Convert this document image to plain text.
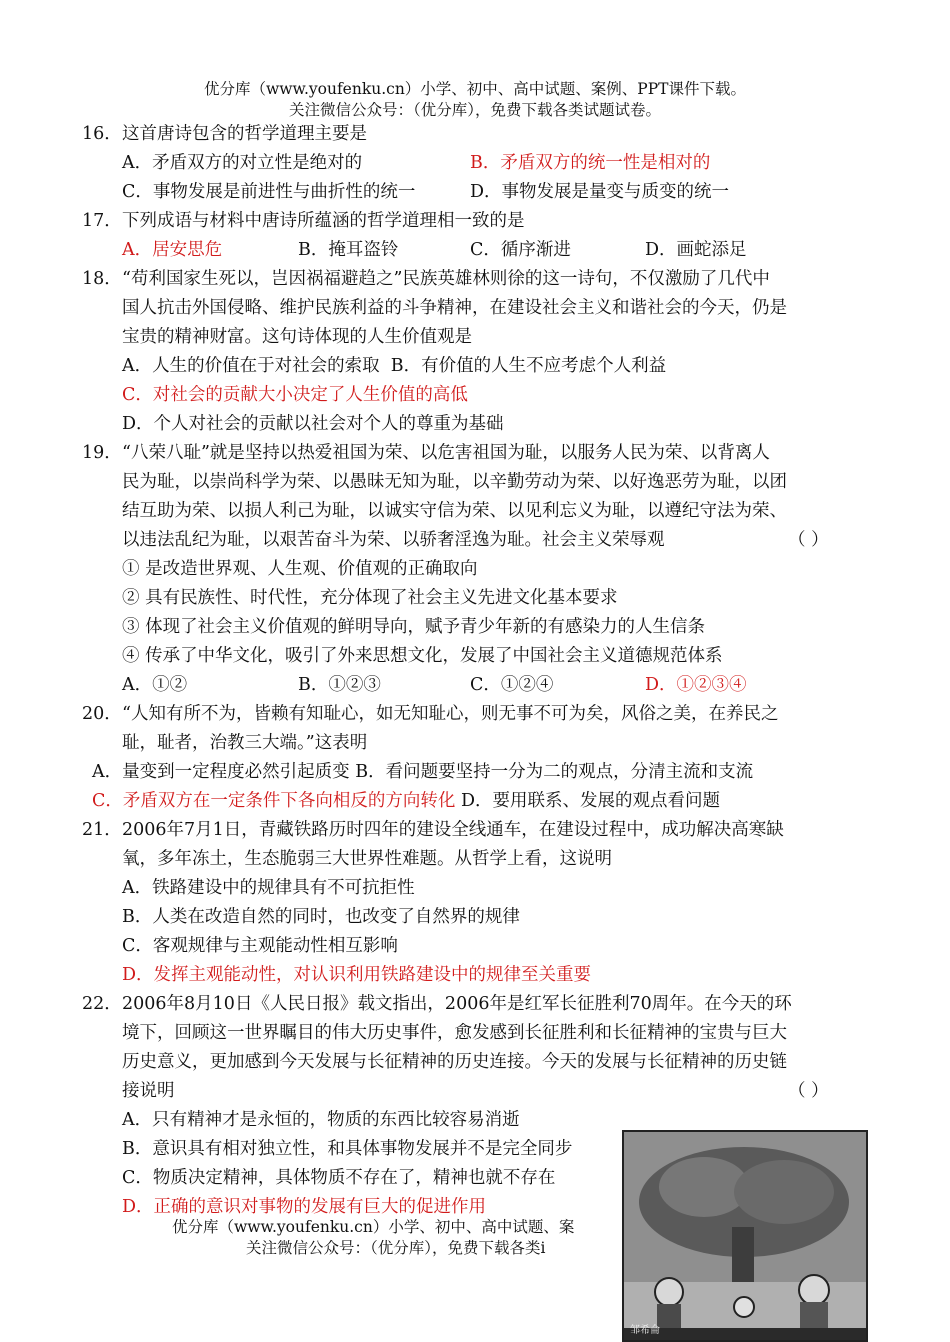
优分库（www.youfenku.cn）小学、初中、高中试题、案例、PPT课件下载。
关注微信公众号：（优分库），免费下载各类试题试卷。
16．这首唐诗包含的哲学道理主要是
A．矛盾双方的对立性是绝对的	B．矛盾双方的统一性是相对的
C．事物发展是前进性与曲折性的统一	D．事物发展是量变与质变的统一
17．下列成语与材料中唐诗所蕴涵的哲学道理相一致的是
A．居安思危	B．掩耳盗铃	C．循序渐进	D．画蛇添足
18．“苟利国家生死以，岂因祸福避趋之”民族英雄林则徐的这一诗句，不仅激励了几代中
国人抗击外国侵略、维护民族利益的斗争精神，在建设社会主义和谐社会的今天，仍是
宝贵的精神财富。这句诗体现的人生价值观是
A．人生的价值在于对社会的索取 B．有价值的人生不应考虑个人利益
C．对社会的贡献大小决定了人生价值的高低
D．个人对社会的贡献以社会对个人的尊重为基础
19．“八荣八耻”就是坚持以热爱祖国为荣、以危害祖国为耻，以服务人民为荣、以背离人
民为耻，以崇尚科学为荣、以愚昧无知为耻，以辛勤劳动为荣、以好逸恶劳为耻，以团
结互助为荣、以损人利己为耻，以诚实守信为荣、以见利忘义为耻，以遵纪守法为荣、
以违法乱纪为耻，以艰苦奋斗为荣、以骄奢淫逸为耻。社会主义荣辱观	（ ）
① 是改造世界观、人生观、价值观的正确取向
② 具有民族性、时代性，充分体现了社会主义先进文化基本要求
③ 体现了社会主义价值观的鲜明导向，赋予青少年新的有感染力的人生信条
④ 传承了中华文化，吸引了外来思想文化，发展了中国社会主义道德规范体系
A．①②	B．①②③	C．①②④	D．①②③④
20．“人知有所不为，皆赖有知耻心，如无知耻心，则无事不可为矣，风俗之美，在养民之
耻，耻者，治教三大端。”这表明
A．量变到一定程度必然引起质变 B．看问题要坚持一分为二的观点，分清主流和支流
C．矛盾双方在一定条件下各向相反的方向转化 D．要用联系、发展的观点看问题
21．2006年7月1日，青藏铁路历时四年的建设全线通车，在建设过程中，成功解决高寒缺
氧，多年冻土，生态脆弱三大世界性难题。从哲学上看，这说明
A．铁路建设中的规律具有不可抗拒性
B．人类在改造自然的同时，也改变了自然界的规律
C．客观规律与主观能动性相互影响
D．发挥主观能动性，对认识利用铁路建设中的规律至关重要
22．2006年8月10日《人民日报》载文指出，2006年是红军长征胜利70周年。在今天的环
境下，回顾这一世界瞩目的伟大历史事件，愈发感到长征胜利和长征精神的宝贵与巨大
历史意义，更加感到今天发展与长征精神的历史连接。今天的发展与长征精神的历史链
接说明	（ ）
A．只有精神才是永恒的，物质的东西比较容易消逝
B．意识具有相对独立性，和具体事物发展并不是完全同步
C．物质决定精神，具体物质不存在了，精神也就不存在
D．正确的意识对事物的发展有巨大的促进作用
优分库（www.youfenku.cn）小学、初中、高中试题、案
关注微信公众号：（优分库），免费下载各类i
邹希侖
